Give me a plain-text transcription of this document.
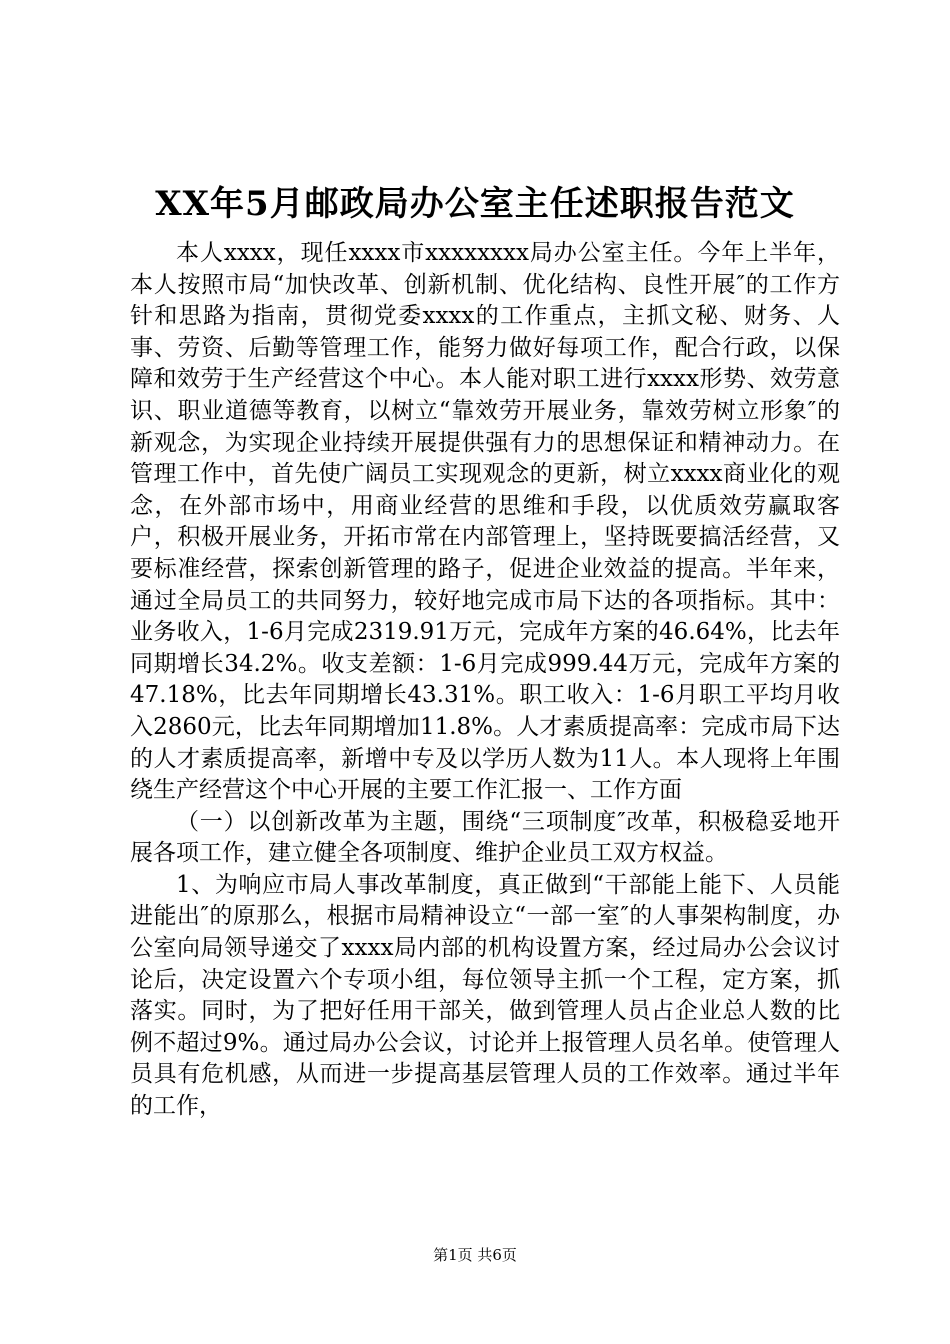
XX年5月邮政局办公室主任述职报告范文

本人xxxx，现任xxxx市xxxxxxxx局办公室主任。今年上半年，本人按照市局“加快改革、创新机制、优化结构、良性开展″的工作方针和思路为指南，贯彻党委xxxx的工作重点，主抓文秘、财务、人事、劳资、后勤等管理工作，能努力做好每项工作，配合行政，以保障和效劳于生产经营这个中心。本人能对职工进行xxxx形势、效劳意识、职业道德等教育，以树立“靠效劳开展业务，靠效劳树立形象″的新观念，为实现企业持续开展提供强有力的思想保证和精神动力。在管理工作中，首先使广阔员工实现观念的更新，树立xxxx商业化的观念，在外部市场中，用商业经营的思维和手段，以优质效劳赢取客户，积极开展业务，开拓市常在内部管理上，坚持既要搞活经营，又要标准经营，探索创新管理的路子，促进企业效益的提高。半年来，通过全局员工的共同努力，较好地完成市局下达的各项指标。其中：业务收入，1-6月完成2319.91万元，完成年方案的46.64%，比去年同期增长34.2%。收支差额：1-6月完成999.44万元，完成年方案的47.18%，比去年同期增长43.31%。职工收入：1-6月职工平均月收入2860元，比去年同期增加11.8%。人才素质提高率：完成市局下达的人才素质提高率，新增中专及以学历人数为11人。本人现将上年围绕生产经营这个中心开展的主要工作汇报一、工作方面

（一）以创新改革为主题，围绕“三项制度″改革，积极稳妥地开展各项工作，建立健全各项制度、维护企业员工双方权益。

1、为响应市局人事改革制度，真正做到“干部能上能下、人员能进能出″的原那么，根据市局精神设立“一部一室″的人事架构制度，办公室向局领导递交了xxxx局内部的机构设置方案，经过局办公会议讨论后，决定设置六个专项小组，每位领导主抓一个工程，定方案，抓落实。同时，为了把好任用干部关，做到管理人员占企业总人数的比例不超过9%。通过局办公会议，讨论并上报管理人员名单。使管理人员具有危机感，从而进一步提高基层管理人员的工作效率。通过半年的工作，

第1页 共6页
